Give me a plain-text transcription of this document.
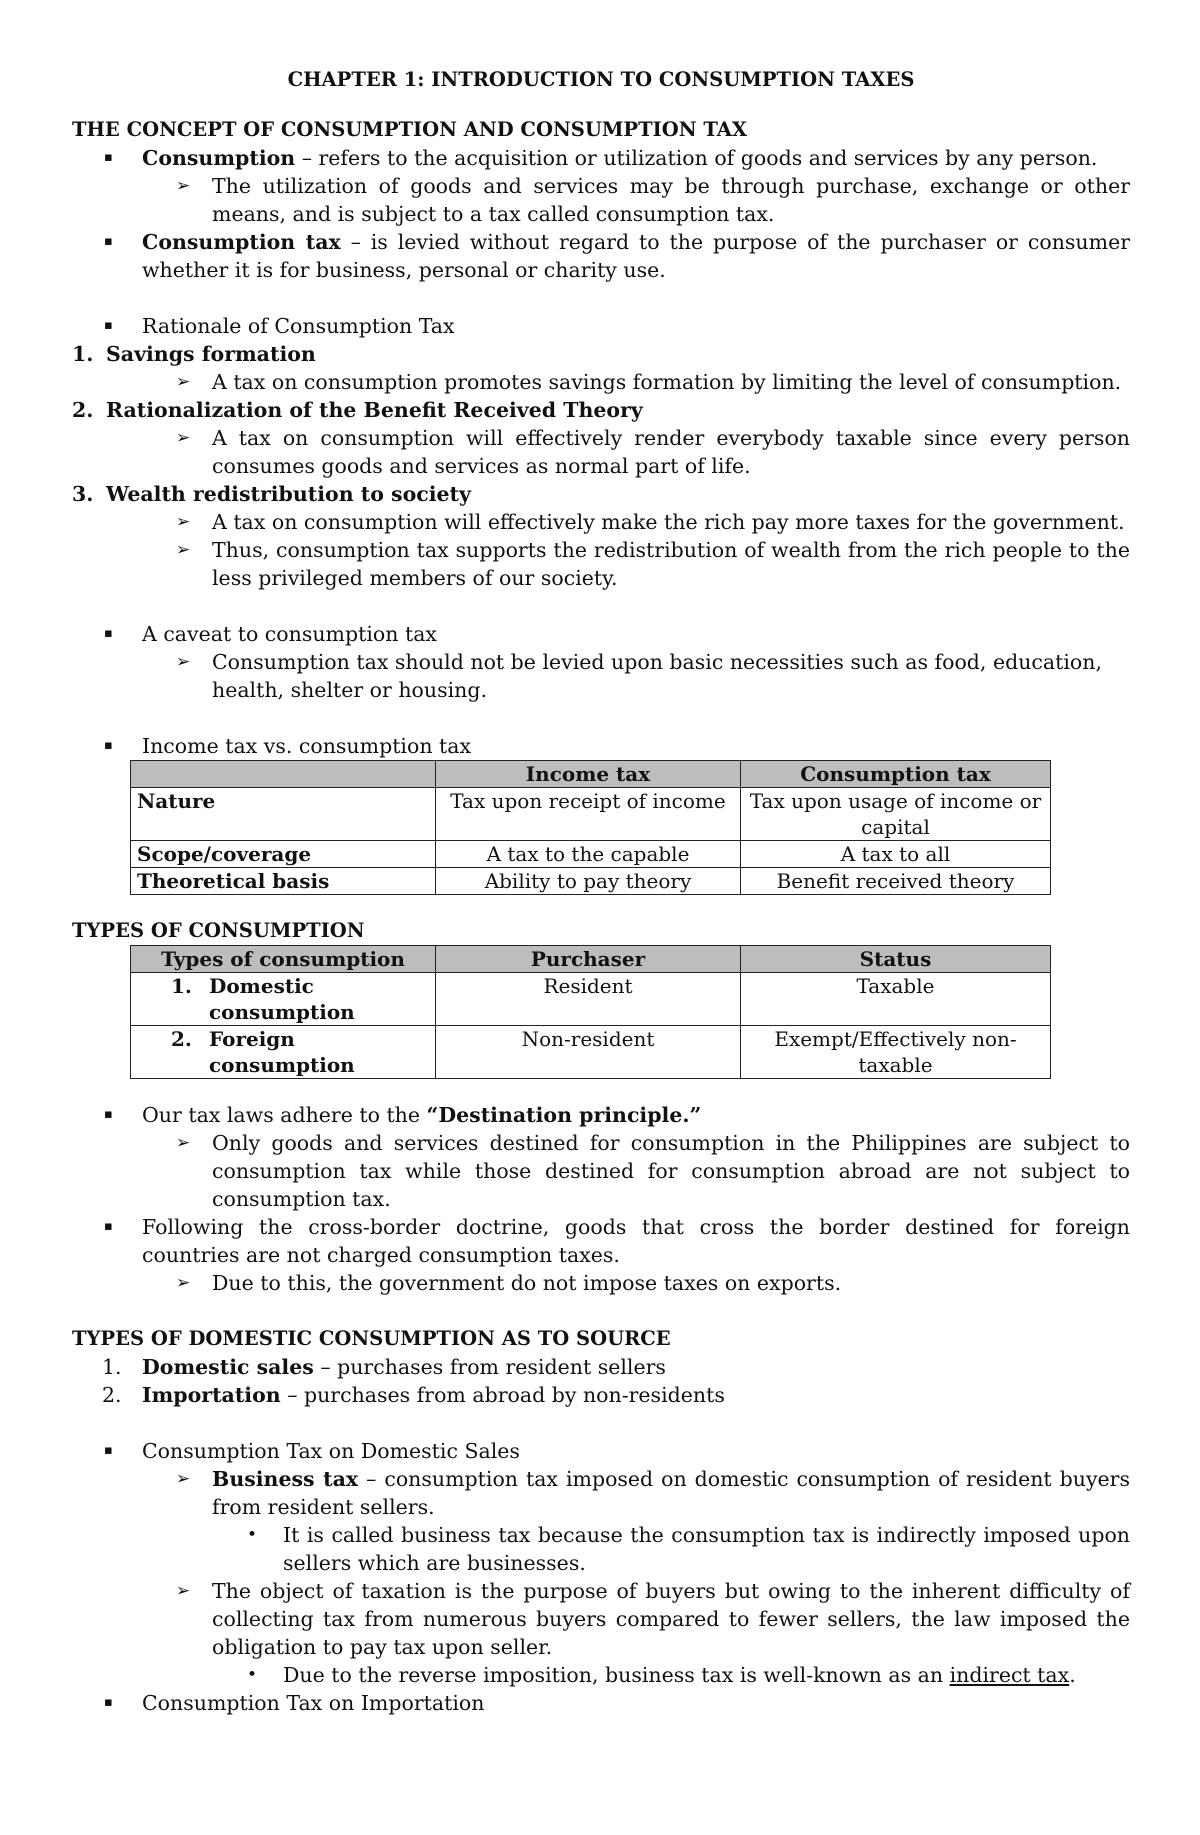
CHAPTER 1: INTRODUCTION TO CONSUMPTION TAXES
THE CONCEPT OF CONSUMPTION AND CONSUMPTION TAX
▪ Consumption – refers to the acquisition or utilization of goods and services by any person.
➢ The utilization of goods and services may be through purchase, exchange or other means, and is subject to a tax called consumption tax.
▪ Consumption tax – is levied without regard to the purpose of the purchaser or consumer whether it is for business, personal or charity use.
▪ Rationale of Consumption Tax
1. Savings formation
➢ A tax on consumption promotes savings formation by limiting the level of consumption.
2. Rationalization of the Benefit Received Theory
➢ A tax on consumption will effectively render everybody taxable since every person consumes goods and services as normal part of life.
3. Wealth redistribution to society
➢ A tax on consumption will effectively make the rich pay more taxes for the government.
➢ Thus, consumption tax supports the redistribution of wealth from the rich people to the less privileged members of our society.
▪ A caveat to consumption tax
➢ Consumption tax should not be levied upon basic necessities such as food, education, health, shelter or housing.
▪ Income tax vs. consumption tax
	Income tax	Consumption tax
Nature	Tax upon receipt of income	Tax upon usage of income or capital
Scope/coverage	A tax to the capable	A tax to all
Theoretical basis	Ability to pay theory	Benefit received theory
TYPES OF CONSUMPTION
Types of consumption	Purchaser	Status

1. Domestic consumption	Resident	Taxable

2. Foreign consumption	Non-resident	Exempt/Effectively non-taxable
▪ Our tax laws adhere to the “Destination principle.”
➢ Only goods and services destined for consumption in the Philippines are subject to consumption tax while those destined for consumption abroad are not subject to consumption tax.
▪ Following the cross-border doctrine, goods that cross the border destined for foreign countries are not charged consumption taxes.
➢ Due to this, the government do not impose taxes on exports.
TYPES OF DOMESTIC CONSUMPTION AS TO SOURCE
1. Domestic sales – purchases from resident sellers
2. Importation – purchases from abroad by non-residents
▪ Consumption Tax on Domestic Sales
➢ Business tax – consumption tax imposed on domestic consumption of resident buyers from resident sellers.
• It is called business tax because the consumption tax is indirectly imposed upon sellers which are businesses.
➢ The object of taxation is the purpose of buyers but owing to the inherent difficulty of collecting tax from numerous buyers compared to fewer sellers, the law imposed the obligation to pay tax upon seller.
• Due to the reverse imposition, business tax is well-known as an indirect tax.
▪ Consumption Tax on Importation
